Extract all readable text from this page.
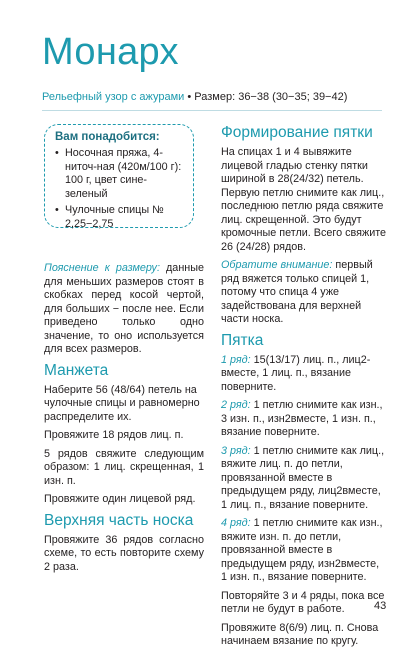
Монарх
Рельефный узор с ажурами • Размер: 36−38 (30−35; 39−42)
Вам понадобится:
• Носочная пряжа, 4-ниточ-ная (420м/100 г): 100 г, цвет сине-зеленый
• Чулочные спицы № 2,25−2,75

Пояснение к размеру: данные для меньших размеров стоят в скобках перед косой чертой, для больших − после нее. Если приведено только одно значение, то оно используется для всех размеров.

Манжета

Наберите 56 (48/64) петель на чулочные спицы и равномерно распределите их.

Провяжите 18 рядов лиц. п.

5 рядов свяжите следующим образом: 1 лиц. скрещенная, 1 изн. п.

Провяжите один лицевой ряд.

Верхняя часть носка

Провяжите 36 рядов согласно схеме, то есть повторите схему 2 раза.

Формирование пятки

На спицах 1 и 4 вывяжите лицевой гладью стенку пятки шириной в 28(24/32) петель. Первую петлю снимите как лиц., последнюю петлю ряда свяжите лиц. скрещенной. Это будут кромочные петли. Всего свяжите 26 (24/28) рядов.

Обратите внимание: первый ряд вяжется только спицей 1, потому что спица 4 уже задействована для верхней части носка.

Пятка

1 ряд: 15(13/17) лиц. п., лиц2-вместе, 1 лиц. п., вязание поверните.

2 ряд: 1 петлю снимите как изн., 3 изн. п., изн2вместе, 1 изн. п., вязание поверните.

3 ряд: 1 петлю снимите как лиц., вяжите лиц. п. до петли, провязанной вместе в предыдущем ряду, лиц2вместе, 1 лиц. п., вязание поверните.

4 ряд: 1 петлю снимите как изн., вяжите изн. п. до петли, провязанной вместе в предыдущем ряду, изн2вместе, 1 изн. п., вязание поверните.

Повторяйте 3 и 4 ряды, пока все петли не будут в работе.

Провяжите 8(6/9) лиц. п. Снова начинаем вязание по кругу.

43
